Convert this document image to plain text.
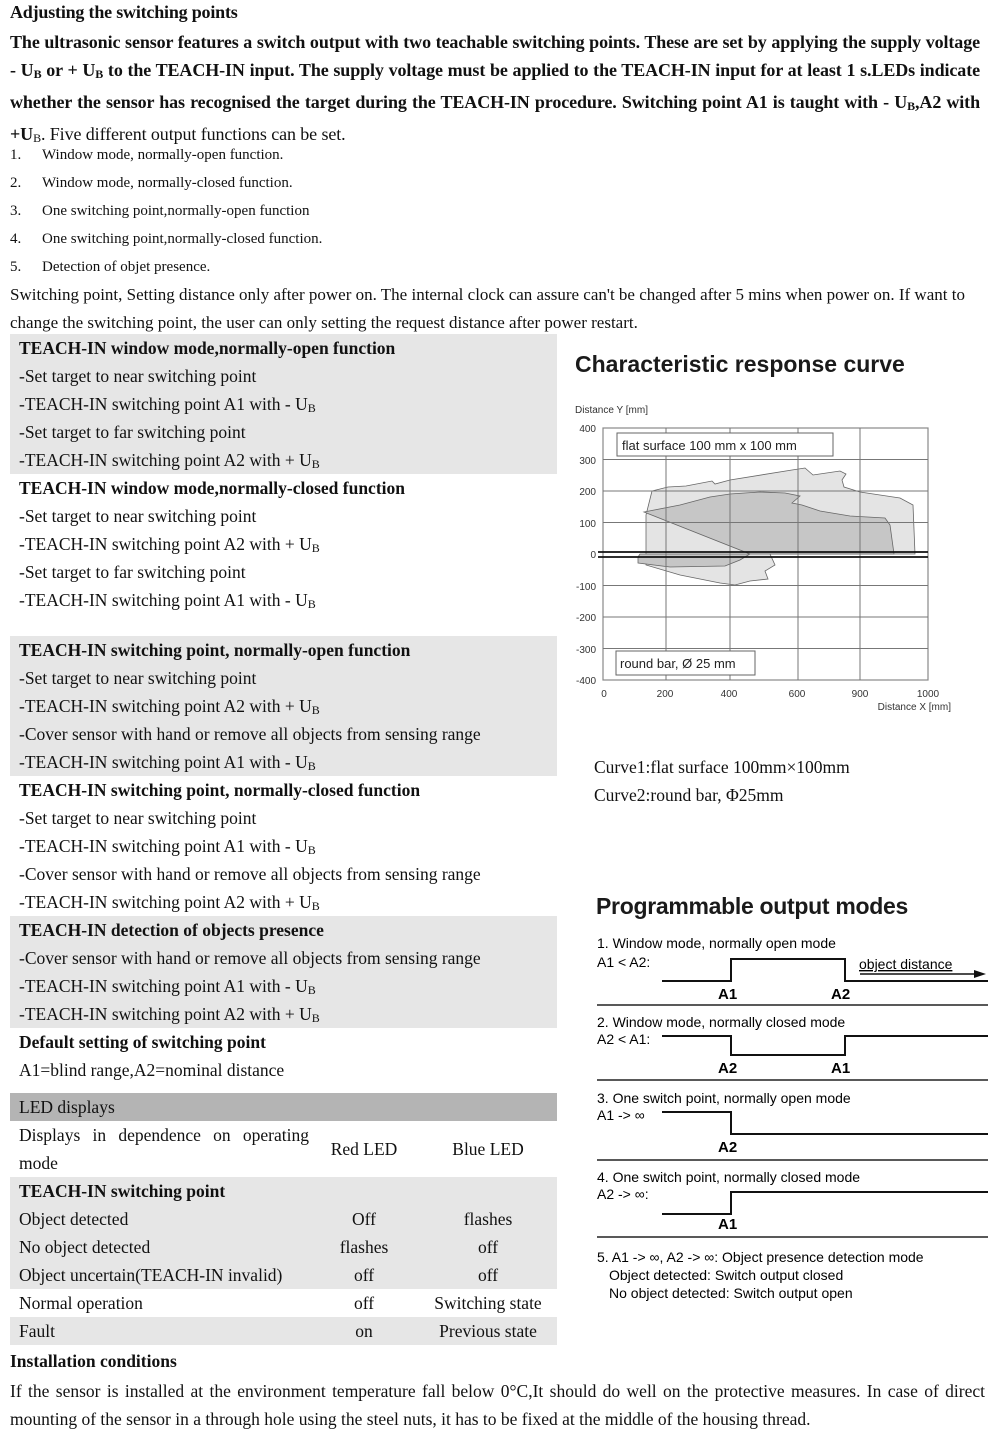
Adjusting the switching points
The ultrasonic sensor features a switch output with two teachable switching points. These are set by applying the supply voltage - $U_B$ or + $U_B$ to the TEACH-IN input. The supply voltage must be applied to the TEACH-IN input for at least 1 s.LEDs indicate whether the sensor has recognised the target during the TEACH-IN procedure. Switching point A1 is taught with - $U_B,A2$ with $+U_B$. Five different output functions can be set.
1.	Window mode, normally-open function.
2.	Window mode, normally-closed function.
3.	One switching point,normally-open function
4.	One switching point,normally-closed function.
5.	Detection of objet presence.
Switching point, Setting distance only after power on. The internal clock can assure can't be changed after 5 mins when power on. If want to change the switching point, the user can only setting the request distance after power restart.
TEACH-IN window mode,normally-open function
-Set target to near switching point
-TEACH-IN switching point A1 with - $U_B$
-Set target to far switching point
-TEACH-IN switching point A2 with + $U_B$
TEACH-IN window mode,normally-closed function
-Set target to near switching point
-TEACH-IN switching point A2 with + $U_B$
-Set target to far switching point
-TEACH-IN switching point A1 with - $U_B$
TEACH-IN switching point, normally-open function
-Set target to near switching point
-TEACH-IN switching point A2 with + $U_B$
-Cover sensor with hand or remove all objects from sensing range
-TEACH-IN switching point A1 with - $U_B$
TEACH-IN switching point, normally-closed function
-Set target to near switching point
-TEACH-IN switching point A1 with - $U_B$
-Cover sensor with hand or remove all objects from sensing range
-TEACH-IN switching point A2 with + $U_B$
TEACH-IN detection of objects presence
-Cover sensor with hand or remove all objects from sensing range
-TEACH-IN switching point A1 with - $U_B$
-TEACH-IN switching point A2 with + $U_B$
Default setting of switching point
A1=blind range,A2=nominal distance
LED displays		
Displays in dependence on operating mode	Red LED	Blue LED
TEACH-IN switching point		
Object detected	Off	flashes
No object detected	flashes	off
Object uncertain(TEACH-IN invalid)	off	off
Normal operation	off	Switching state
Fault	on	Previous state
Installation conditions
If the sensor is installed at the environment temperature fall below 0°C,It should do well on the protective measures. In case of direct mounting of the sensor in a through hole using the steel nuts, it has to be fixed at the middle of the housing thread.
Characteristic response curve
Distance Y [mm]
400
300
200
100
0
-100
-200
-300
-400
0	200	400	600	900	1000
Distance X [mm]
flat surface 100 mm x 100 mm
round bar, Ø 25 mm
Curve1:flat surface 100mm×100mm
Curve2:round bar, Φ25mm
Programmable output modes
1. Window mode, normally open mode
A1 < A2:	object distance
A1	A2
2. Window mode, normally closed mode
A2 < A1:
A2	A1
3. One switch point, normally open mode
A1 -> ∞
A2
4. One switch point, normally closed mode
A2 -> ∞:
A1
5. A1 -> ∞, A2 -> ∞: Object presence detection mode
Object detected: Switch output closed
No object detected: Switch output open
